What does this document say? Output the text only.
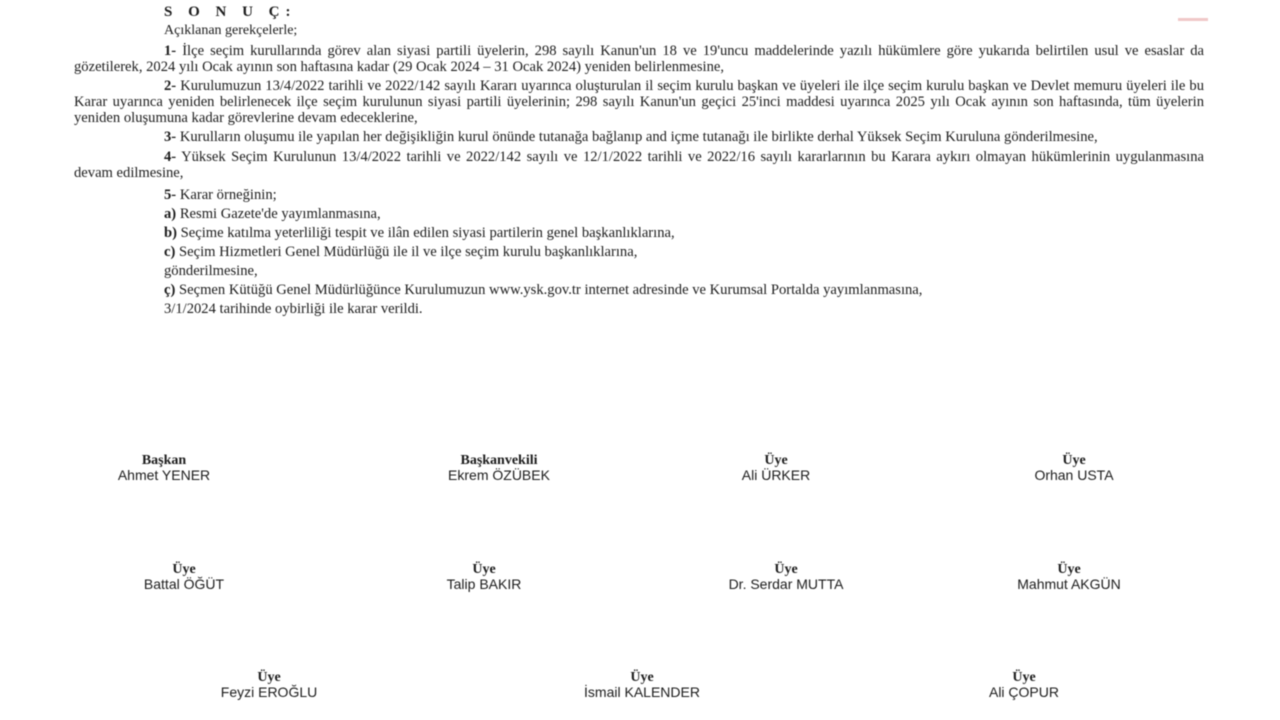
S O N U Ç:
Açıklanan gerekçelerle;

1- İlçe seçim kurullarında görev alan siyasi partili üyelerin, 298 sayılı Kanun'un 18 ve 19'uncu maddelerinde yazılı hükümlere göre yukarıda belirtilen usul ve esaslar da gözetilerek, 2024 yılı Ocak ayının son haftasına kadar (29 Ocak 2024 – 31 Ocak 2024) yeniden belirlenmesine,

2- Kurulumuzun 13/4/2022 tarihli ve 2022/142 sayılı Kararı uyarınca oluşturulan il seçim kurulu başkan ve üyeleri ile ilçe seçim kurulu başkan ve Devlet memuru üyeleri ile bu Karar uyarınca yeniden belirlenecek ilçe seçim kurulunun siyasi partili üyelerinin; 298 sayılı Kanun'un geçici 25'inci maddesi uyarınca 2025 yılı Ocak ayının son haftasında, tüm üyelerin yeniden oluşumuna kadar görevlerine devam edeceklerine,

3- Kurulların oluşumu ile yapılan her değişikliğin kurul önünde tutanağa bağlanıp and içme tutanağı ile birlikte derhal Yüksek Seçim Kuruluna gönderilmesine,

4- Yüksek Seçim Kurulunun 13/4/2022 tarihli ve 2022/142 sayılı ve 12/1/2022 tarihli ve 2022/16 sayılı kararlarının bu Karara aykırı olmayan hükümlerinin uygulanmasına devam edilmesine,

5- Karar örneğinin;

a) Resmi Gazete'de yayımlanmasına,

b) Seçime katılma yeterliliği tespit ve ilân edilen siyasi partilerin genel başkanlıklarına,

c) Seçim Hizmetleri Genel Müdürlüğü ile il ve ilçe seçim kurulu başkanlıklarına,

gönderilmesine,

ç) Seçmen Kütüğü Genel Müdürlüğünce Kurulumuzun www.ysk.gov.tr internet adresinde ve Kurumsal Portalda yayımlanmasına,

3/1/2024 tarihinde oybirliği ile karar verildi.

Başkan
Ahmet YENER
Başkanvekili
Ekrem ÖZÜBEK
Üye
Ali ÜRKER
Üye
Orhan USTA
Üye
Battal ÖĞÜT
Üye
Talip BAKIR
Üye
Dr. Serdar MUTTA
Üye
Mahmut AKGÜN
Üye
Feyzi EROĞLU
Üye
İsmail KALENDER
Üye
Ali ÇOPUR
